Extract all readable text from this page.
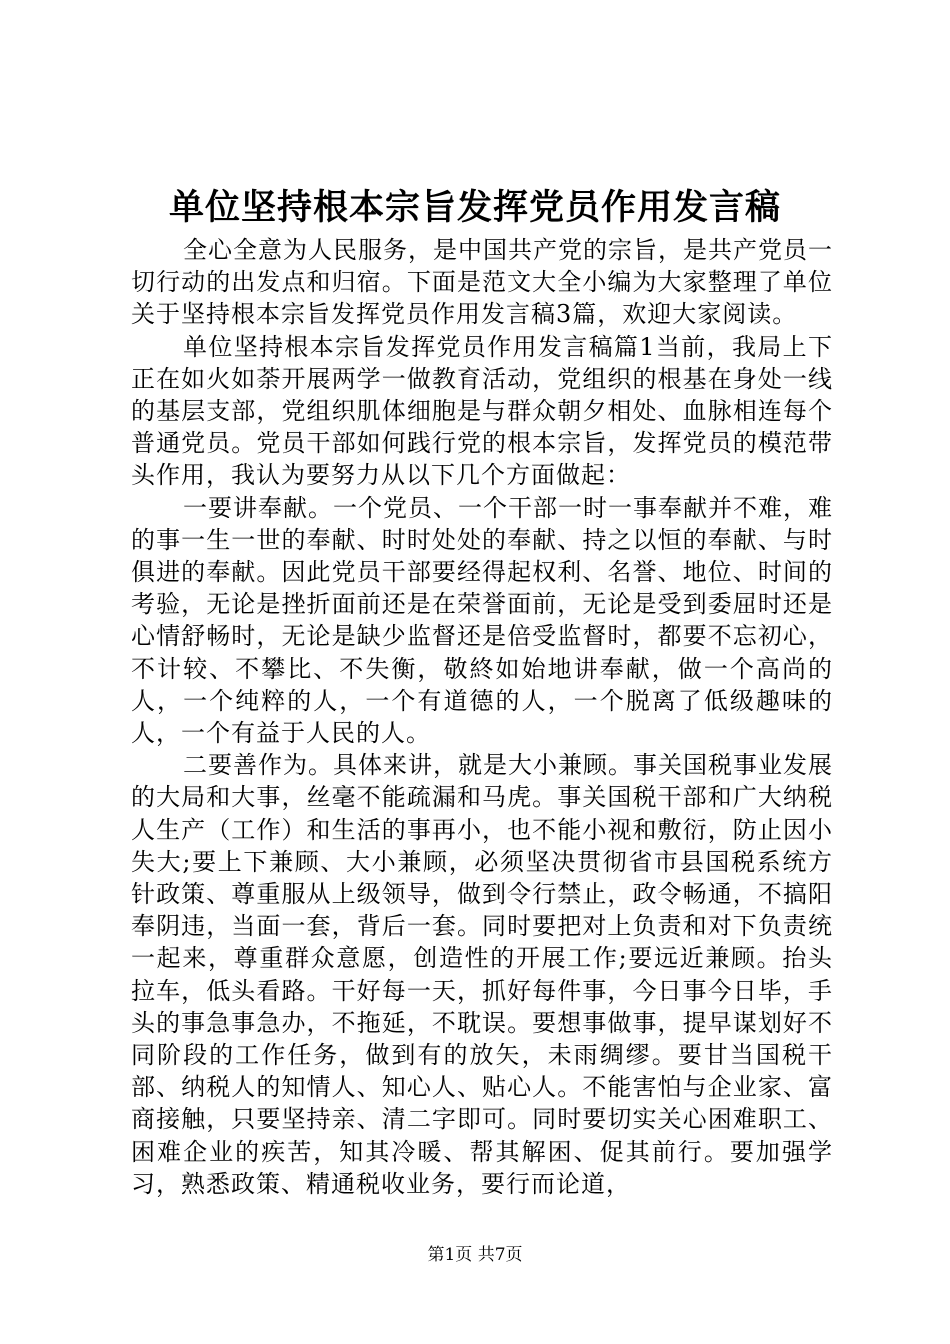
单位坚持根本宗旨发挥党员作用发言稿

全心全意为人民服务，是中国共产党的宗旨，是共产党员一切行动的出发点和归宿。下面是范文大全小编为大家整理了单位关于坚持根本宗旨发挥党员作用发言稿3篇，欢迎大家阅读。

单位坚持根本宗旨发挥党员作用发言稿篇1当前，我局上下正在如火如荼开展两学一做教育活动，党组织的根基在身处一线的基层支部，党组织肌体细胞是与群众朝夕相处、血脉相连每个普通党员。党员干部如何践行党的根本宗旨，发挥党员的模范带头作用，我认为要努力从以下几个方面做起：

一要讲奉献。一个党员、一个干部一时一事奉献并不难，难的事一生一世的奉献、时时处处的奉献、持之以恒的奉献、与时俱进的奉献。因此党员干部要经得起权利、名誉、地位、时间的考验，无论是挫折面前还是在荣誉面前，无论是受到委屈时还是心情舒畅时，无论是缺少监督还是倍受监督时，都要不忘初心，不计较、不攀比、不失衡，敬終如始地讲奉献，做一个高尚的人，一个纯粹的人，一个有道德的人，一个脱离了低级趣味的人，一个有益于人民的人。

二要善作为。具体来讲，就是大小兼顾。事关国税事业发展的大局和大事，丝毫不能疏漏和马虎。事关国税干部和广大纳税人生产（工作）和生活的事再小，也不能小视和敷衍，防止因小失大;要上下兼顾、大小兼顾，必须坚决贯彻省市县国税系统方针政策、尊重服从上级领导，做到令行禁止，政令畅通，不搞阳奉阴违，当面一套，背后一套。同时要把对上负责和对下负责统一起来，尊重群众意愿，创造性的开展工作;要远近兼顾。抬头拉车，低头看路。干好每一天，抓好每件事，今日事今日毕，手头的事急事急办，不拖延，不耽误。要想事做事，提早谋划好不同阶段的工作任务，做到有的放矢，未雨绸缪。要甘当国税干部、纳税人的知情人、知心人、贴心人。不能害怕与企业家、富商接触，只要坚持亲、清二字即可。同时要切实关心困难职工、困难企业的疾苦，知其冷暖、帮其解困、促其前行。要加强学习，熟悉政策、精通税收业务，要行而论道，

第1页 共7页
